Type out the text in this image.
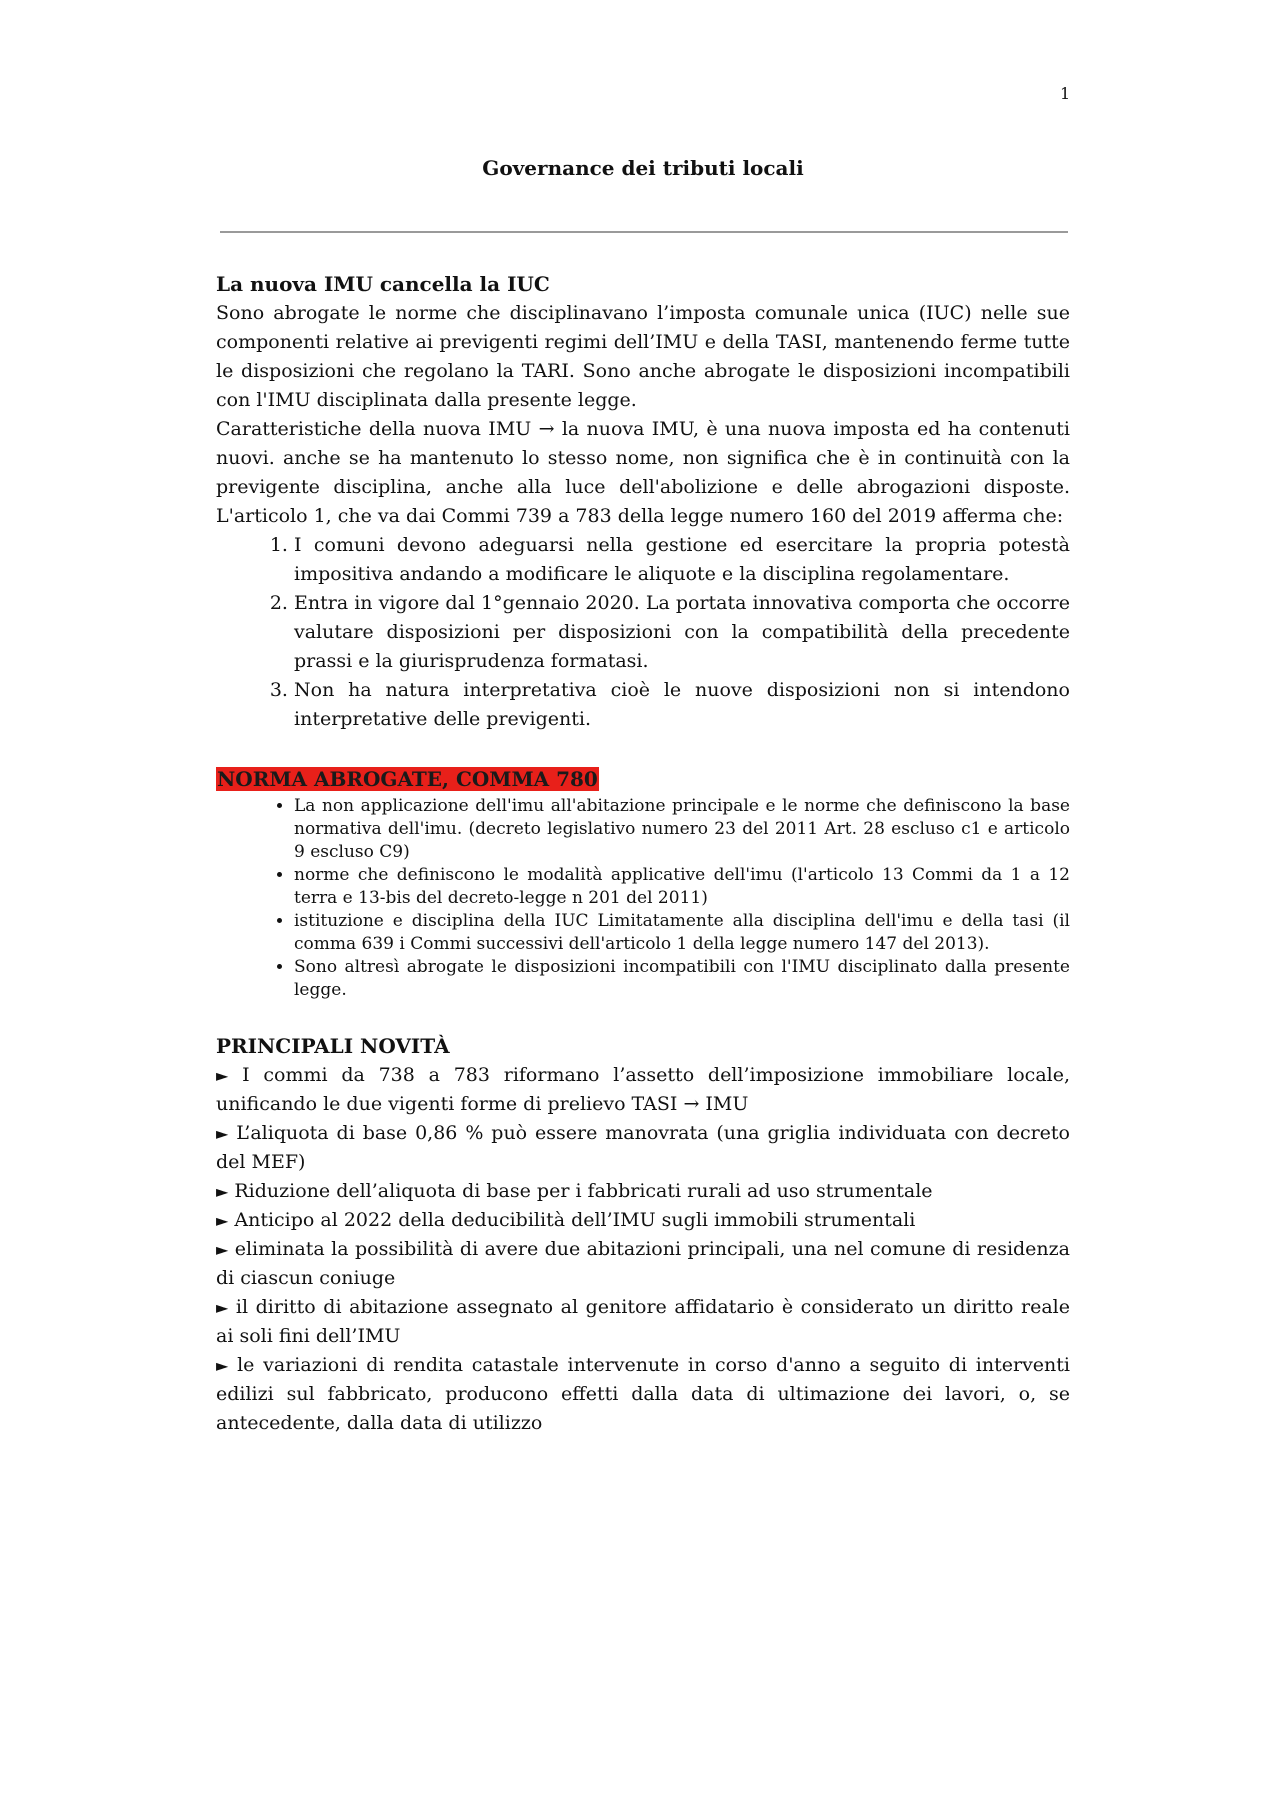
1
Governance dei tributi locali

La nuova IMU cancella la IUC

Sono abrogate le norme che disciplinavano l’imposta comunale unica (IUC) nelle sue componenti relative ai previgenti regimi dell’IMU e della TASI, mantenendo ferme tutte le disposizioni che regolano la TARI. Sono anche abrogate le disposizioni incompatibili con l'IMU disciplinata dalla presente legge.

Caratteristiche della nuova IMU → la nuova IMU, è una nuova imposta ed ha contenuti nuovi. anche se ha mantenuto lo stesso nome, non significa che è in continuità con la previgente disciplina, anche alla luce dell'abolizione e delle abrogazioni disposte. L'articolo 1, che va dai Commi 739 a 783 della legge numero 160 del 2019 afferma che:

1. I comuni devono adeguarsi nella gestione ed esercitare la propria potestà impositiva andando a modificare le aliquote e la disciplina regolamentare.
2. Entra in vigore dal 1°gennaio 2020. La portata innovativa comporta che occorre valutare disposizioni per disposizioni con la compatibilità della precedente prassi e la giurisprudenza formatasi.
3. Non ha natura interpretativa cioè le nuove disposizioni non si intendono interpretative delle previgenti.

NORMA ABROGATE, COMMA 780

• La non applicazione dell'imu all'abitazione principale e le norme che definiscono la base normativa dell'imu. (decreto legislativo numero 23 del 2011 Art. 28 escluso c1 e articolo 9 escluso C9)
• norme che definiscono le modalità applicative dell'imu (l'articolo 13 Commi da 1 a 12 terra e 13-bis del decreto-legge n 201 del 2011)
• istituzione e disciplina della IUC Limitatamente alla disciplina dell'imu e della tasi (il comma 639 i Commi successivi dell'articolo 1 della legge numero 147 del 2013).
• Sono altresì abrogate le disposizioni incompatibili con l'IMU disciplinato dalla presente legge.

PRINCIPALI NOVITÀ

► I commi da 738 a 783 riformano l’assetto dell’imposizione immobiliare locale, unificando le due vigenti forme di prelievo TASI → IMU

► L’aliquota di base 0,86 % può essere manovrata (una griglia individuata con decreto del MEF)

► Riduzione dell’aliquota di base per i fabbricati rurali ad uso strumentale

► Anticipo al 2022 della deducibilità dell’IMU sugli immobili strumentali

► eliminata la possibilità di avere due abitazioni principali, una nel comune di residenza di ciascun coniuge

► il diritto di abitazione assegnato al genitore affidatario è considerato un diritto reale ai soli fini dell’IMU

► le variazioni di rendita catastale intervenute in corso d'anno a seguito di interventi edilizi sul fabbricato, producono effetti dalla data di ultimazione dei lavori, o, se antecedente, dalla data di utilizzo
